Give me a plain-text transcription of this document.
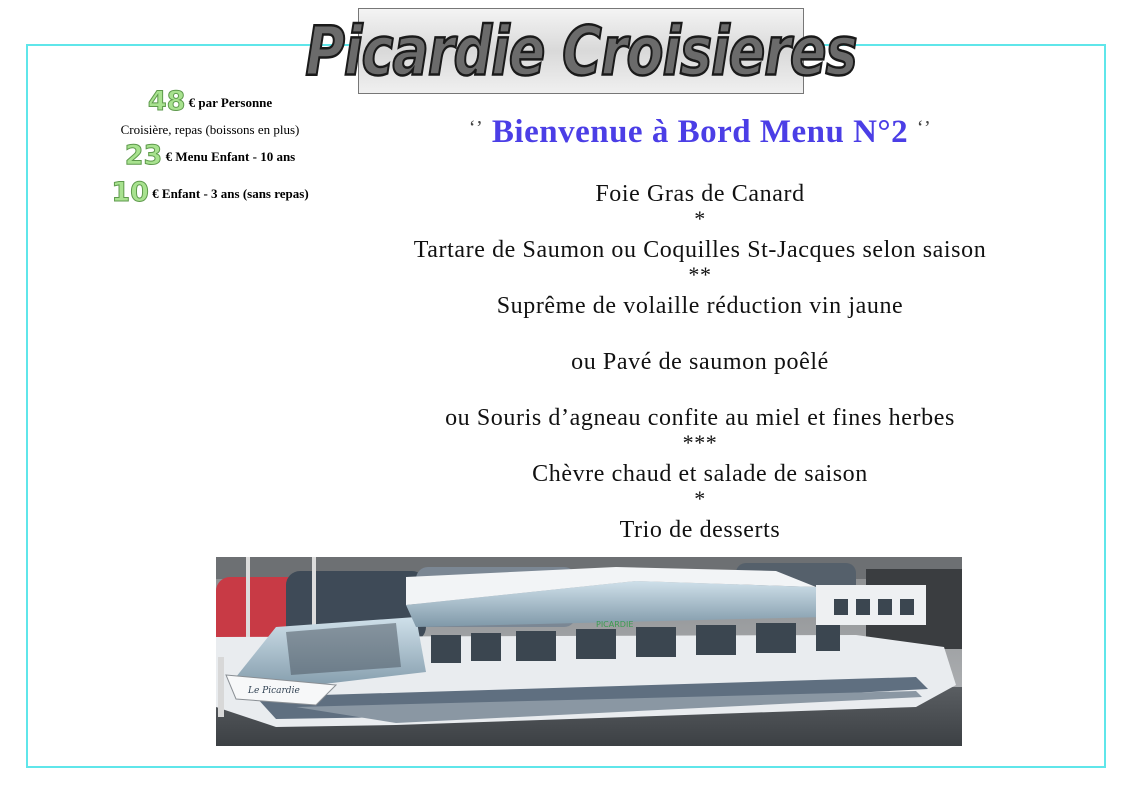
Picardie Croisieres
48 € par Personne
Croisière, repas (boissons en plus)
23 € Menu Enfant - 10 ans
10 € Enfant - 3 ans (sans repas)
‘’ Bienvenue à Bord Menu N°2 ‘’
Foie Gras de Canard
*
Tartare de Saumon ou Coquilles St-Jacques selon saison
**
Suprême de volaille réduction vin jaune
ou Pavé de saumon poêlé
ou Souris d’agneau confite au miel et fines herbes
***
Chèvre chaud et salade de saison
*
Trio de desserts
Le Picardie
PICARDIE
